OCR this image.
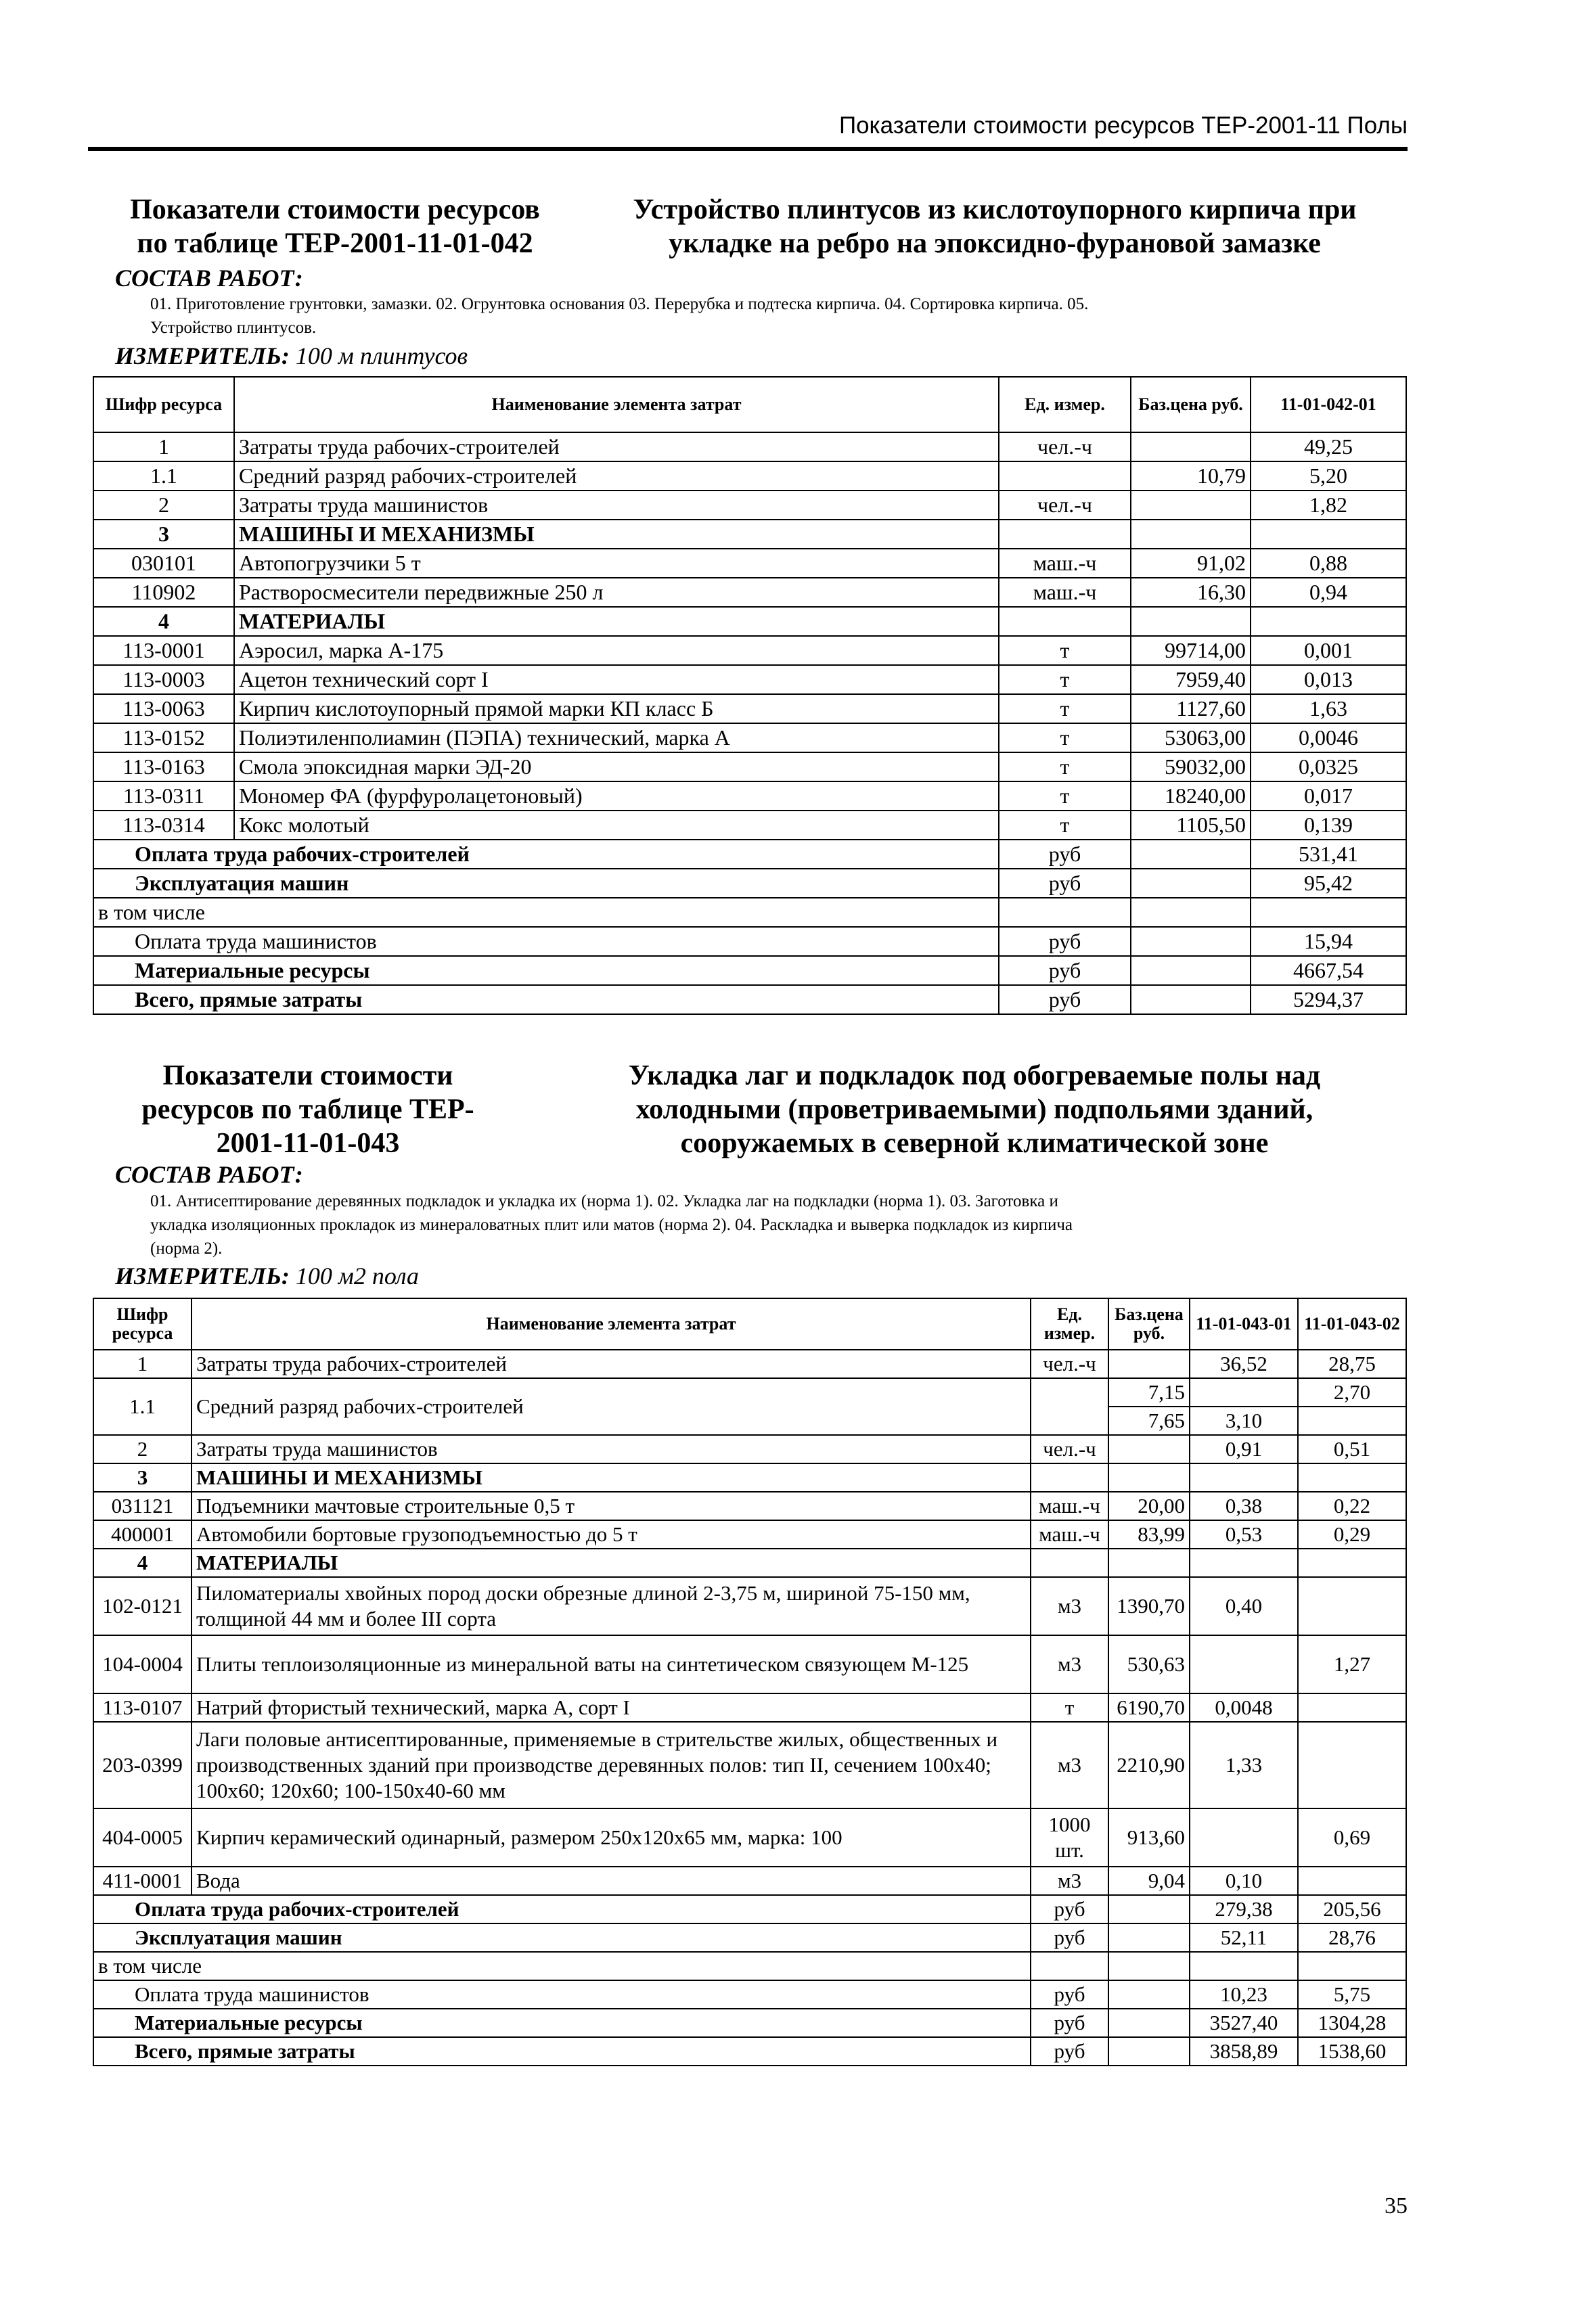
Показатели стоимости ресурсов ТЕР-2001-11 Полы
Показатели стоимости ресурсов
по таблице ТЕР-2001-11-01-042
Устройство плинтусов из кислотоупорного кирпича при
укладке на ребро на эпоксидно-фурановой замазке
СОСТАВ РАБОТ:
01. Приготовление грунтовки, замазки. 02. Огрунтовка основания 03. Перерубка и подтеска кирпича. 04. Сортировка кирпича. 05.
Устройство плинтусов.
ИЗМЕРИТЕЛЬ: 100 м плинтусов
Шифр ресурса	Наименование элемента затрат	Ед. измер.	Баз.цена руб.	11-01-042-01
1	Затраты труда рабочих-строителей	чел.-ч		49,25
1.1	Средний разряд рабочих-строителей		10,79	5,20
2	Затраты труда машинистов	чел.-ч		1,82
3	МАШИНЫ И МЕХАНИЗМЫ			
030101	Автопогрузчики 5 т	маш.-ч	91,02	0,88
110902	Растворосмесители передвижные 250 л	маш.-ч	16,30	0,94
4	МАТЕРИАЛЫ			
113-0001	Аэросил, марка А-175	т	99714,00	0,001
113-0003	Ацетон технический сорт I	т	7959,40	0,013
113-0063	Кирпич кислотоупорный прямой марки КП класс Б	т	1127,60	1,63
113-0152	Полиэтиленполиамин (ПЭПА) технический, марка А	т	53063,00	0,0046
113-0163	Смола эпоксидная марки ЭД-20	т	59032,00	0,0325
113-0311	Мономер ФА (фурфуролацетоновый)	т	18240,00	0,017
113-0314	Кокс молотый	т	1105,50	0,139
Оплата труда рабочих-строителей		руб		531,41
Эксплуатация машин		руб		95,42
в том числе				
Оплата труда машинистов		руб		15,94
Материальные ресурсы		руб		4667,54
Всего, прямые затраты		руб		5294,37
Показатели стоимости
ресурсов по таблице ТЕР-
2001-11-01-043
Укладка лаг и подкладок под обогреваемые полы над
холодными (проветриваемыми) подпольями зданий,
сооружаемых в северной климатической зоне
СОСТАВ РАБОТ:
01. Антисептирование деревянных подкладок и укладка их (норма 1). 02. Укладка лаг на подкладки (норма 1). 03. Заготовка и
укладка изоляционных прокладок из минераловатных плит или матов (норма 2). 04. Раскладка и выверка подкладок из кирпича
(норма 2).
ИЗМЕРИТЕЛЬ: 100 м2 пола
Шифр ресурса	Наименование элемента затрат	Ед. измер.	Баз.цена руб.	11-01-043-01	11-01-043-02
1	Затраты труда рабочих-строителей	чел.-ч		36,52	28,75
1.1	Средний разряд рабочих-строителей		7,15		2,70
			7,65	3,10	
2	Затраты труда машинистов	чел.-ч		0,91	0,51
3	МАШИНЫ И МЕХАНИЗМЫ				
031121	Подъемники мачтовые строительные 0,5 т	маш.-ч	20,00	0,38	0,22
400001	Автомобили бортовые грузоподъемностью до 5 т	маш.-ч	83,99	0,53	0,29
4	МАТЕРИАЛЫ				
102-0121	Пиломатериалы хвойных пород доски обрезные длиной 2-3,75 м, шириной 75-150 мм, толщиной 44 мм и более III сорта	м3	1390,70	0,40	
104-0004	Плиты теплоизоляционные из минеральной ваты на синтетическом связующем М-125	м3	530,63		1,27
113-0107	Натрий фтористый технический, марка А, сорт I	т	6190,70	0,0048	
203-0399	Лаги половые антисептированные, применяемые в стрительстве жилых, общественных и производственных зданий при производстве деревянных полов: тип II, сечением 100х40; 100х60; 120х60; 100-150х40-60 мм	м3	2210,90	1,33	
404-0005	Кирпич керамический одинарный, размером 250х120х65 мм, марка: 100	1000 шт.	913,60		0,69
411-0001	Вода	м3	9,04	0,10	
Оплата труда рабочих-строителей		руб		279,38	205,56
Эксплуатация машин		руб		52,11	28,76
в том числе					
Оплата труда машинистов		руб		10,23	5,75
Материальные ресурсы		руб		3527,40	1304,28
Всего, прямые затраты		руб		3858,89	1538,60
35
